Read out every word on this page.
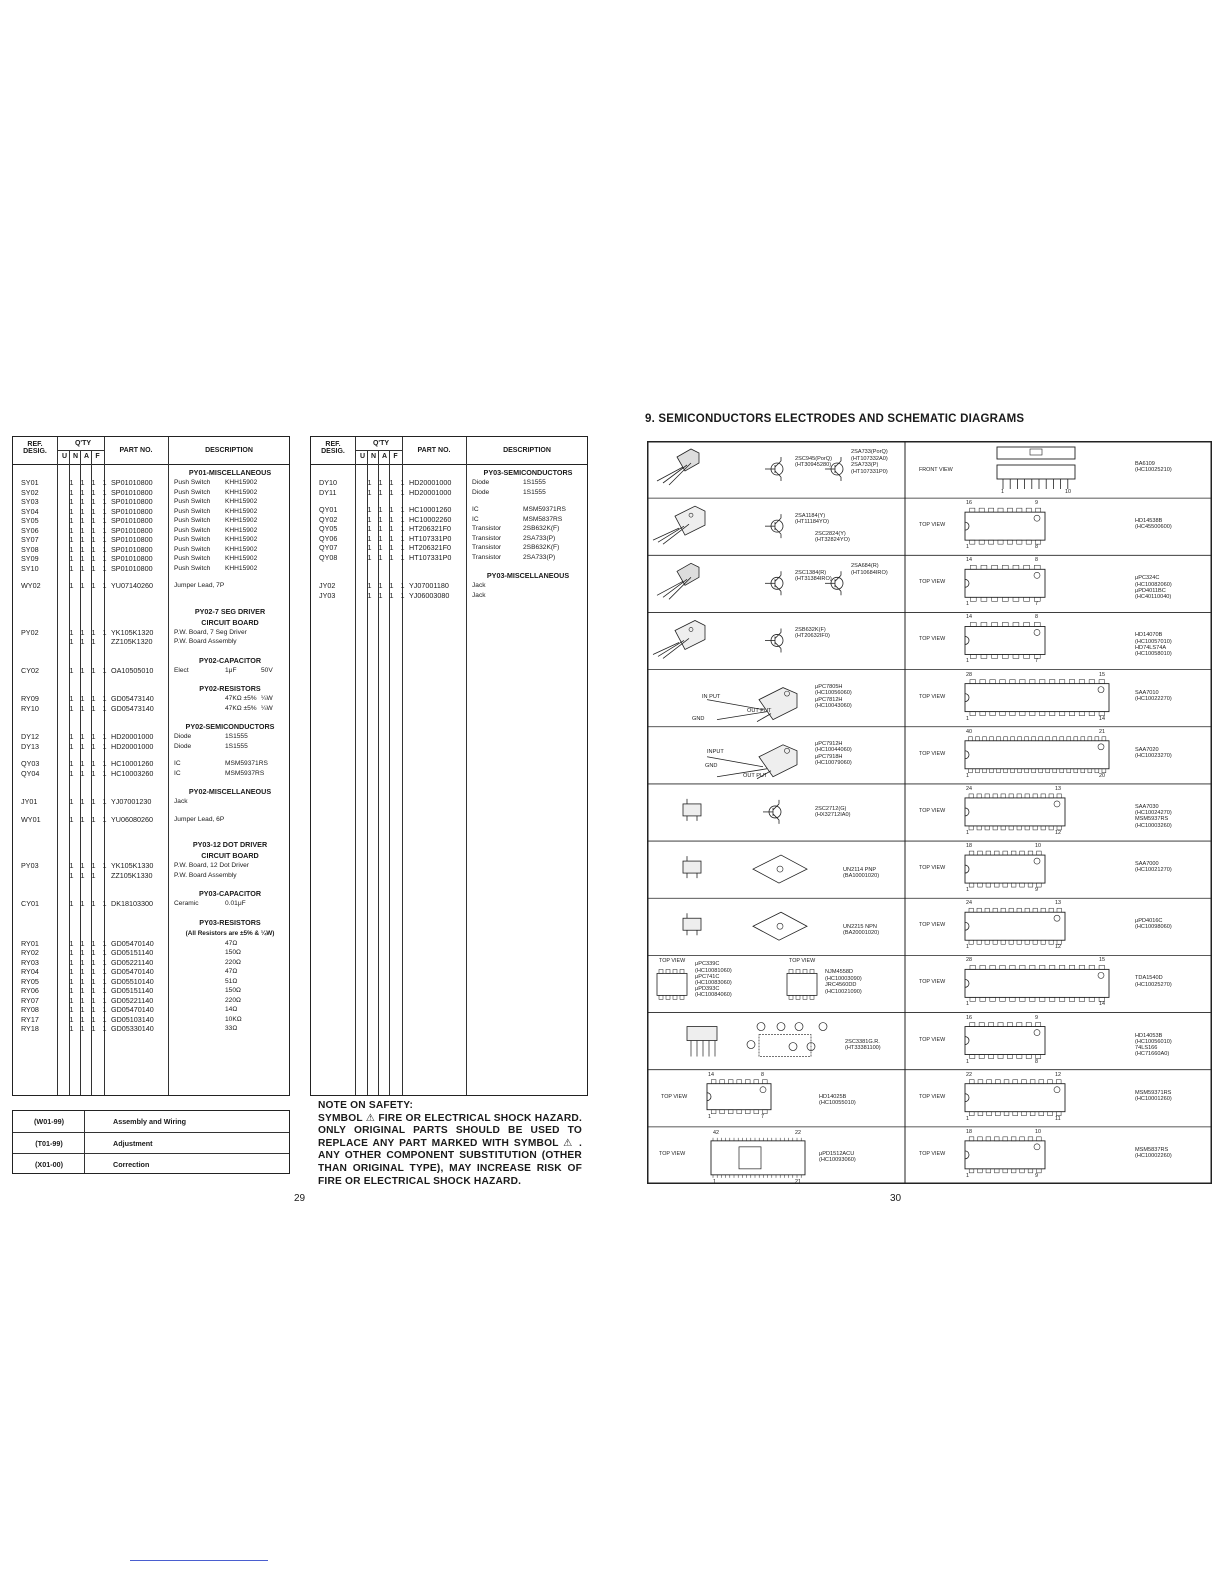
REF.
DESIG.
Q'TY
U N A F
PART NO.	DESCRIPTION
PY01-MISCELLANEOUS
SY01	1 1 1 1 SP01010800	Push Switch KHH15902
SY02	1 1 1 1 SP01010800	Push Switch KHH15902
SY03	1 1 1 1 SP01010800	Push Switch KHH15902
SY04	1 1 1 1 SP01010800	Push Switch KHH15902
SY05	1 1 1 1 SP01010800	Push Switch KHH15902
SY06	1 1 1 1 SP01010800	Push Switch KHH15902
SY07	1 1 1 1 SP01010800	Push Switch KHH15902
SY08	1 1 1 1 SP01010800	Push Switch KHH15902
SY09	1 1 1 1 SP01010800	Push Switch KHH15902
SY10	1 1 1 1 SP01010800	Push Switch KHH15902
WY02	1 1 1 1 YU07140260	Jumper Lead, 7P
PY02-7 SEG DRIVER
CIRCUIT BOARD
PY02	1 1 1 1 YK105K1320	P.W. Board, 7 Seg Driver
1 1 1	ZZ105K1320	P.W. Board Assembly
PY02-CAPACITOR
CY02	1 1 1 1 OA10505010	Elect	1μF	50V
PY02-RESISTORS
RY09	1 1 1 1 GD05473140	47KΩ ±5% ¼W
RY10	1 1 1 1 GD05473140	47KΩ ±5% ¼W
PY02-SEMICONDUCTORS
DY12	1 1 1 1 HD20001000	Diode	1S1555
DY13	1 1 1 1 HD20001000	Diode	1S1555
QY03	1 1 1 1 HC10001260	IC	MSM59371RS
QY04	1 1 1 1 HC10003260	IC	MSM5937RS
PY02-MISCELLANEOUS
JY01	1 1 1 1 YJ07001230	Jack
WY01	1 1 1 1 YU06080260	Jumper Lead, 6P
PY03-12 DOT DRIVER
CIRCUIT BOARD
PY03	1 1 1 1 YK105K1330	P.W. Board, 12 Dot Driver
1 1 1	ZZ105K1330	P.W. Board Assembly
PY03-CAPACITOR
CY01	1 1 1 1 DK18103300	Ceramic	0.01μF
PY03-RESISTORS
(All Resistors are ±5% & ¼W)
RY01	1 1 1 1 GD05470140	47Ω
RY02	1 1 1 1 GD05151140	150Ω
RY03	1 1 1 1 GD05221140	220Ω
RY04	1 1 1 1 GD05470140	47Ω
RY05	1 1 1 1 GD05510140	51Ω
RY06	1 1 1 1 GD05151140	150Ω
RY07	1 1 1 1 GD05221140	220Ω
RY08	1 1 1 1 GD05470140	14Ω
RY17	1 1 1 1 GD05103140	10KΩ
RY18	1 1 1 1 GD05330140	33Ω
REF.
DESIG.
Q'TY
U N A F
PART NO.	DESCRIPTION
PY03-SEMICONDUCTORS
DY10	1 1 1 1 HD20001000	Diode	1S1555
DY11	1 1 1 1 HD20001000	Diode	1S1555
QY01	1 1 1 1 HC10001260	IC	MSM59371RS
QY02	1 1 1 1 HC10002260	IC	MSM5837RS
QY05	1 1 1 1 HT206321F0	Transistor	2SB632K(F)
QY06	1 1 1 1 HT107331P0	Transistor	2SA733(P)
QY07	1 1 1 1 HT206321F0	Transistor	2SB632K(F)
QY08	1 1 1 1 HT107331P0	Transistor	2SA733(P)
PY03-MISCELLANEOUS
JY02	1 1 1 1 YJ07001180	Jack
JY03	1 1 1 1 YJ06003080	Jack
(W01-99)	Assembly and Wiring
(T01-99)	Adjustment
(X01-00)	Correction
NOTE ON SAFETY:
SYMBOL ⚠ FIRE OR ELECTRICAL SHOCK HAZARD. ONLY ORIGINAL PARTS SHOULD BE USED TO REPLACE ANY PART MARKED WITH SYMBOL ⚠ . ANY OTHER COMPONENT SUBSTITUTION (OTHER THAN ORIGINAL TYPE), MAY INCREASE RISK OF FIRE OR ELECTRICAL SHOCK HAZARD.
29
9. SEMICONDUCTORS ELECTRODES AND SCHEMATIC DIAGRAMS
2SC945(PorQ)
(HT30945280)
2SA733(PorQ)
(HT107332A0)
2SA733(P)
(HT107331P0)
2SA1184(Y)
(HT11184YO)
2SC2824(Y)
(HT32824YO)
2SC1384(R)
(HT31384IRO)
2SA684(R)
(HT10684IRO)
2SB632K(F)
(HT20632IF0)
IN PUT
GND
OUT PUT
μPC7805H
(HC10056060)
μPC7812H
(HC10043060)
INPUT
GND
OUT PUT
μPC7912H
(HC10044060)
μPC7918H
(HC10079060)
2SC2712(G)
(HX32712IA0)
UN2114 PNP
(BA10001020)
UN2215 NPN
(BA20001020)
TOP VIEW	TOP VIEW
μPC339C
(HC10081060)
μPC741C
(HC10083060)
μPD393C
(HC10084060)
NJM4558D
(HC10003090)
JRC4560DD
(HC10021090)
2SC3381G.R.
(HT33381100)
14	8
1	7
TOP VIEW	HD14025B
(HC10055010)
42	22
1	21
TOP VIEW	μPD1512ACU
(HC10093060)
1	10
FRONT VIEW
BA6109
(HC10025210)
16	9
1	8
TOP VIEW
HD14538B
(HC45500600)
14	8
1	7
TOP VIEW
μPC324C
(HC10082060)
μPD4011BC
(HC40110040)
14	8
1	7
TOP VIEW
HD14070B
(HC10057010)
HD74LS74A
(HC10058010)
28	15
1	14
TOP VIEW
SAA7010
(HC10022270)
40	21
1	20
TOP VIEW
SAA7020
(HC10023270)
24	13
1	12
TOP VIEW
SAA7030
(HC10024270)
MSM5937RS
(HC10003260)
18	10
1	9
TOP VIEW
SAA7000
(HC10021270)
24	13
1	12
TOP VIEW
μPD4016C
(HC10098060)
28	15
1	14
TOP VIEW
TDA1540D
(HC10025270)
16	9
1	8
TOP VIEW
HD14053B
(HC10056010)
74LS166
(HC71660A0)
22	12
1	11
TOP VIEW
MSM59371RS
(HC10001260)
18	10
1	9
TOP VIEW
MSM5837RS
(HC10002260)
30
